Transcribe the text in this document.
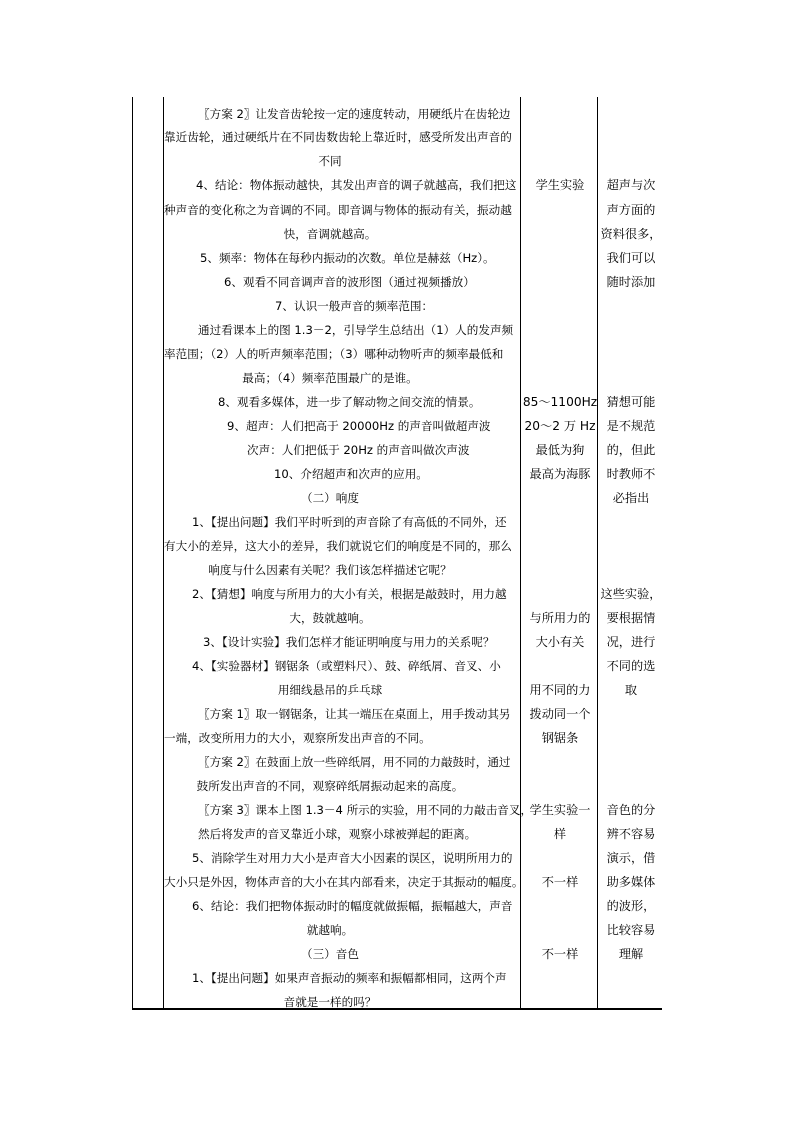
〖方案 2〗让发音齿轮按一定的速度转动，用硬纸片在齿轮边
靠近齿轮，通过硬纸片在不同齿数齿轮上靠近时，感受所发出声音的
不同
4、结论：物体振动越快，其发出声音的调子就越高，我们把这
种声音的变化称之为音调的不同。即音调与物体的振动有关，振动越
快，音调就越高。
5、频率：物体在每秒内振动的次数。单位是赫兹（Hz）。
6、观看不同音调声音的波形图（通过视频播放）
7、认识一般声音的频率范围：
通过看课本上的图 1.3－2，引导学生总结出（1）人的发声频
率范围；（2）人的听声频率范围；（3）哪种动物听声的频率最低和
最高；（4）频率范围最广的是谁。
8、观看多媒体，进一步了解动物之间交流的情景。
9、超声：人们把高于 20000Hz 的声音叫做超声波
次声：人们把低于 20Hz 的声音叫做次声波
10、介绍超声和次声的应用。
（二）响度
1、【提出问题】我们平时听到的声音除了有高低的不同外，还
有大小的差异，这大小的差异，我们就说它们的响度是不同的，那么
响度与什么因素有关呢？我们该怎样描述它呢？
2、【猜想】响度与所用力的大小有关，根据是敲鼓时，用力越
大，鼓就越响。
3、【设计实验】我们怎样才能证明响度与用力的关系呢？
4、【实验器材】钢锯条（或塑料尺）、鼓、碎纸屑、音叉、小
用细线悬吊的乒乓球
〖方案 1〗取一钢锯条，让其一端压在桌面上，用手拨动其另
一端，改变所用力的大小，观察所发出声音的不同。
〖方案 2〗在鼓面上放一些碎纸屑，用不同的力敲鼓时，通过
鼓所发出声音的不同，观察碎纸屑振动起来的高度。
〖方案 3〗课本上图 1.3－4 所示的实验，用不同的力敲击音叉，
然后将发声的音叉靠近小球，观察小球被弹起的距离。
5、消除学生对用力大小是声音大小因素的误区，说明所用力的
大小只是外因，物体声音的大小在其内部看来，决定于其振动的幅度。
6、结论：我们把物体振动时的幅度就做振幅，振幅越大，声音
就越响。
（三）音色
1、【提出问题】如果声音振动的频率和振幅都相同，这两个声
音就是一样的吗？
学生实验
85～1100Hz
20～2 万 Hz
最低为狗
最高为海豚
与所用力的
大小有关
用不同的力
拨动同一个
钢锯条
学生实验一
样
不一样
不一样
超声与次
声方面的
资料很多，
我们可以
随时添加
猜想可能
是不规范
的，但此
时教师不
必指出
这些实验，
要根据情
况，进行
不同的选
取
音色的分
辨不容易
演示，借
助多媒体
的波形，
比较容易
理解
